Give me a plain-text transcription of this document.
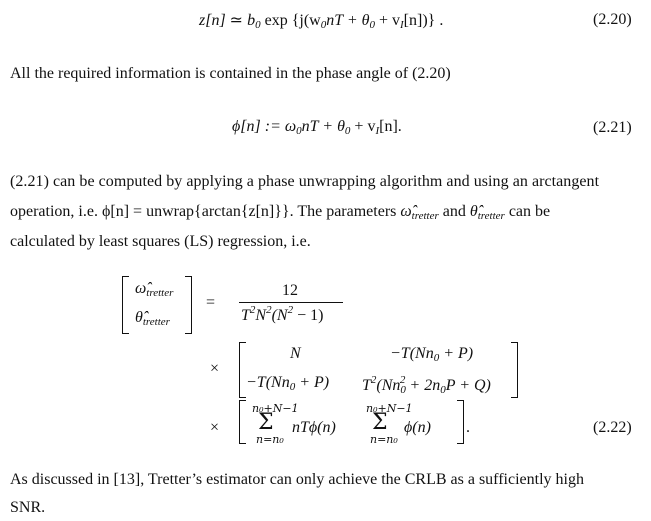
z[n] ≃ $b_0$ $\exp \{j(w_0nT + \theta_0 + v_I[n])\}$ .	(2.20)
All the required information is contained in the phase angle of (2.20)
ϕ[n] := $\omega_0nT + \theta_0 + v_I[n]$.	(2.21)
(2.21) can be computed by applying a phase unwrapping algorithm and using an arctangent
operation, i.e. ϕ[n] = unwrap{arctan{z[n]}}. The parameters $\omegâ_{tretter}$ and $\thetâ_{tretter}$ can be
calculated by least squares (LS) regression, i.e.
$\omegâ_{tretter}$
$\thetâ_{tretter}$
=
12
$T^2N^2(N^2 - 1)$
×
N	$-T(Nn_0 + P)$
$-T(Nn_0 + P) T^2(Nn_0^2 + 2n_0P + Q)$
×
n₀+N−1
Σ
n=n₀
nTϕ(n)
n₀+N−1
Σ
n=n₀
ϕ(n) .	(2.22)
As discussed in [13], Tretter’s estimator can only achieve the CRLB as a sufficiently high
SNR.
